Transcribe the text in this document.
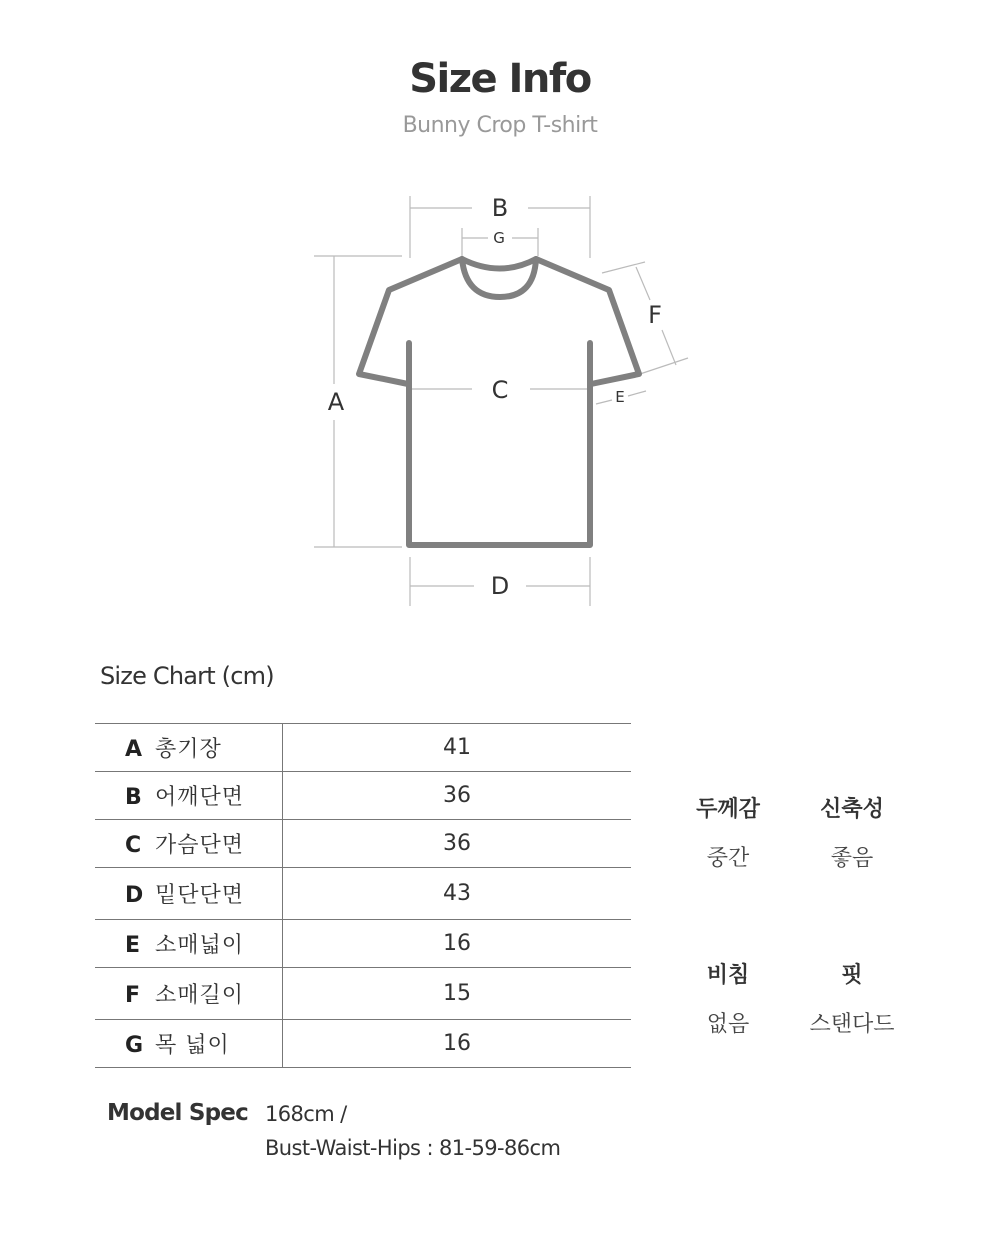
Size Info
Bunny Crop T-shirt
A
B
C
D
E
F
G
Size Chart (cm)
A 총기장	41
B 어깨단면	36
C 가슴단면	36
D 밑단단면	43
E 소매넓이	16
F 소매길이	15
G 목 넓이	16
두께감
중간
신축성
좋음
비침
없음
핏
스탠다드
Model Spec 168cm /
Bust-Waist-Hips : 81-59-86cm
